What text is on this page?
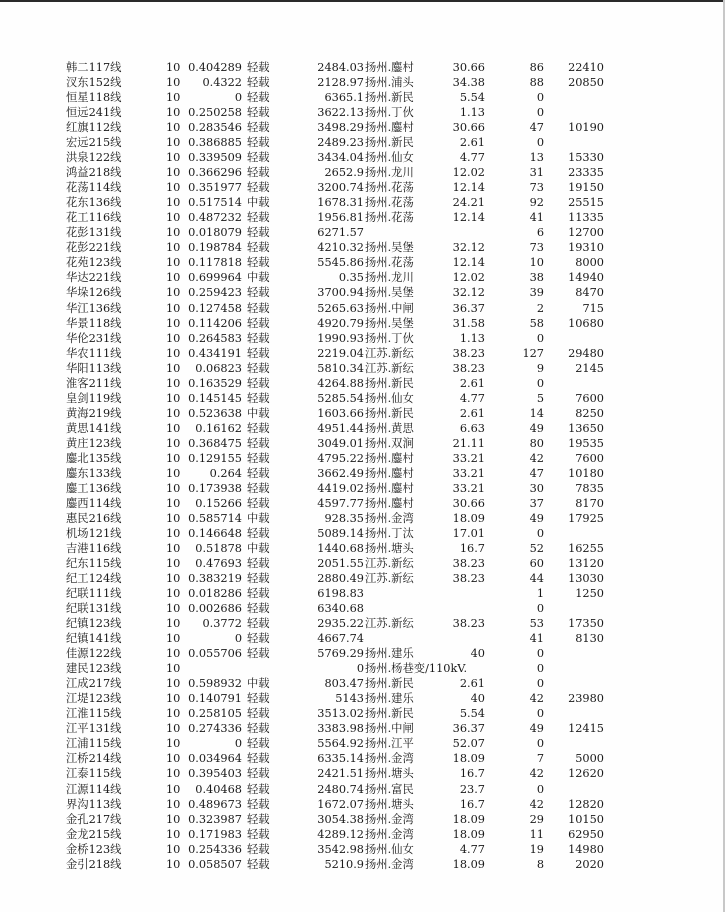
韩二117线	10 0.404289 轻载	2484.03 扬州.鏖村	30.66	86	22410
汊东152线	10	0.4322 轻载	2128.97 扬州.浦头	34.38	88	20850
恒星118线	10	0 轻载	6365.1 扬州.新民	5.54	0
恒远241线	10 0.250258 轻载	3622.13 扬州.丁伙	1.13	0
红旗112线	10 0.283546 轻载	3498.29 扬州.鏖村	30.66	47	10190
宏远215线	10 0.386885 轻载	2489.23 扬州.新民	2.61	0
洪泉122线	10 0.339509 轻载	3434.04 扬州.仙女	4.77	13	15330
鸿益218线	10 0.366296 轻载	2652.9 扬州.龙川	12.02	31	23335
花荡114线	10 0.351977 轻载	3200.74 扬州.花荡	12.14	73	19150
花东136线	10 0.517514 中载	1678.31 扬州.花荡	24.21	92	25515
花工116线	10 0.487232 轻载	1956.81 扬州.花荡	12.14	41	11335
花彭131线	10 0.018079 轻载	6271.57	6	12700
花彭221线	10 0.198784 轻载	4210.32 扬州.吴堡	32.12	73	19310
花苑123线	10 0.117818 轻载	5545.86 扬州.花荡	12.14	10	8000
华达221线	10 0.699964 中载	0.35 扬州.龙川	12.02	38	14940
华垛126线	10 0.259423 轻载	3700.94 扬州.吴堡	32.12	39	8470
华江136线	10 0.127458 轻载	5265.63 扬州.中闸	36.37	2	715
华景118线	10 0.114206 轻载	4920.79 扬州.吴堡	31.58	58	10680
华伦231线	10 0.264583 轻载	1990.93 扬州.丁伙	1.13	0
华农111线	10 0.434191 轻载	2219.04 江苏.新纭	38.23	127	29480
华阳113线	10	0.06823 轻载	5810.34 江苏.新纭	38.23	9	2145
淮客211线	10 0.163529 轻载	4264.88 扬州.新民	2.61	0
皇剑119线	10 0.145145 轻载	5285.54 扬州.仙女	4.77	5	7600
黄海219线	10 0.523638 中载	1603.66 扬州.新民	2.61	14	8250
黄思141线	10	0.16162 轻载	4951.44 扬州.黄思	6.63	49	13650
黄庄123线	10 0.368475 轻载	3049.01 扬州.双涧	21.11	80	19535
鏖北135线	10 0.129155 轻载	4795.22 扬州.鏖村	33.21	42	7600
鏖东133线	10	0.264 轻载	3662.49 扬州.鏖村	33.21	47	10180
鏖工136线	10 0.173938 轻载	4419.02 扬州.鏖村	33.21	30	7835
鏖西114线	10	0.15266 轻载	4597.77 扬州.鏖村	30.66	37	8170
惠民216线	10 0.585714 中载	928.35 扬州.金湾	18.09	49	17925
机场121线	10 0.146648 轻载	5089.14 扬州.丁汰	17.01	0
吉港116线	10	0.51878 中载	1440.68 扬州.塘头	16.7	52	16255
纪东115线	10	0.47693 轻载	2051.55 江苏.新纭	38.23	60	13120
纪工124线	10 0.383219 轻载	2880.49 江苏.新纭	38.23	44	13030
纪联111线	10 0.018286 轻载	6198.83	1	1250
纪联131线	10 0.002686 轻载	6340.68	0
纪镇123线	10	0.3772 轻载	2935.22 江苏.新纭	38.23	53	17350
纪镇141线	10	0 轻载	4667.74	41	8130
佳源122线	10 0.055706 轻载	5769.29 扬州.建乐	40	0
建民123线	10	0 扬州.杨巷变/110kV.	0
江成217线	10 0.598932 中载	803.47 扬州.新民	2.61	0
江堤123线	10 0.140791 轻载	5143 扬州.建乐	40	42	23980
江淮115线	10 0.258105 轻载	3513.02 扬州.新民	5.54	0
江平131线	10 0.274336 轻载	3383.98 扬州.中闸	36.37	49	12415
江浦115线	10	0 轻载	5564.92 扬州.江平	52.07	0
江桥214线	10 0.034964 轻载	6335.14 扬州.金湾	18.09	7	5000
江泰115线	10 0.395403 轻载	2421.51 扬州.塘头	16.7	42	12620
江源114线	10	0.40468 轻载	2480.74 扬州.富民	23.7	0
界沟113线	10 0.489673 轻载	1672.07 扬州.塘头	16.7	42	12820
金孔217线	10 0.323987 轻载	3054.38 扬州.金湾	18.09	29	10150
金龙215线	10 0.171983 轻载	4289.12 扬州.金湾	18.09	11	62950
金桥123线	10 0.254336 轻载	3542.98 扬州.仙女	4.77	19	14980
金引218线	10 0.058507 轻载	5210.9 扬州.金湾	18.09	8	2020
